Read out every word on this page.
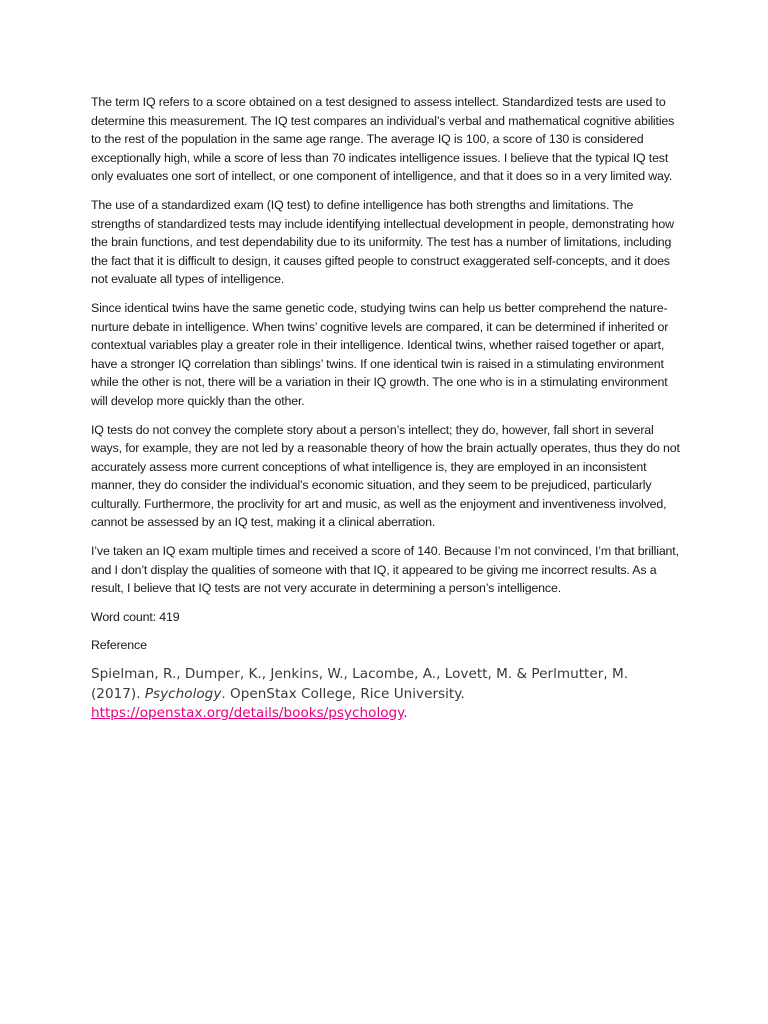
The term IQ refers to a score obtained on a test designed to assess intellect. Standardized tests are used to determine this measurement. The IQ test compares an individual’s verbal and mathematical cognitive abilities to the rest of the population in the same age range. The average IQ is 100, a score of 130 is considered exceptionally high, while a score of less than 70 indicates intelligence issues. I believe that the typical IQ test only evaluates one sort of intellect, or one component of intelligence, and that it does so in a very limited way.

The use of a standardized exam (IQ test) to define intelligence has both strengths and limitations. The strengths of standardized tests may include identifying intellectual development in people, demonstrating how the brain functions, and test dependability due to its uniformity. The test has a number of limitations, including the fact that it is difficult to design, it causes gifted people to construct exaggerated self-concepts, and it does not evaluate all types of intelligence.

Since identical twins have the same genetic code, studying twins can help us better comprehend the nature-nurture debate in intelligence. When twins’ cognitive levels are compared, it can be determined if inherited or contextual variables play a greater role in their intelligence. Identical twins, whether raised together or apart, have a stronger IQ correlation than siblings’ twins. If one identical twin is raised in a stimulating environment while the other is not, there will be a variation in their IQ growth. The one who is in a stimulating environment will develop more quickly than the other.

IQ tests do not convey the complete story about a person’s intellect; they do, however, fall short in several ways, for example, they are not led by a reasonable theory of how the brain actually operates, thus they do not accurately assess more current conceptions of what intelligence is, they are employed in an inconsistent manner, they do consider the individual’s economic situation, and they seem to be prejudiced, particularly culturally. Furthermore, the proclivity for art and music, as well as the enjoyment and inventiveness involved, cannot be assessed by an IQ test, making it a clinical aberration.

I’ve taken an IQ exam multiple times and received a score of 140. Because I’m not convinced, I’m that brilliant, and I don’t display the qualities of someone with that IQ, it appeared to be giving me incorrect results. As a result, I believe that IQ tests are not very accurate in determining a person’s intelligence.

Word count: 419

Reference

Spielman, R., Dumper, K., Jenkins, W., Lacombe, A., Lovett, M. & Perlmutter, M. (2017). Psychology. OpenStax College, Rice University. https://openstax.org/details/books/psychology.
